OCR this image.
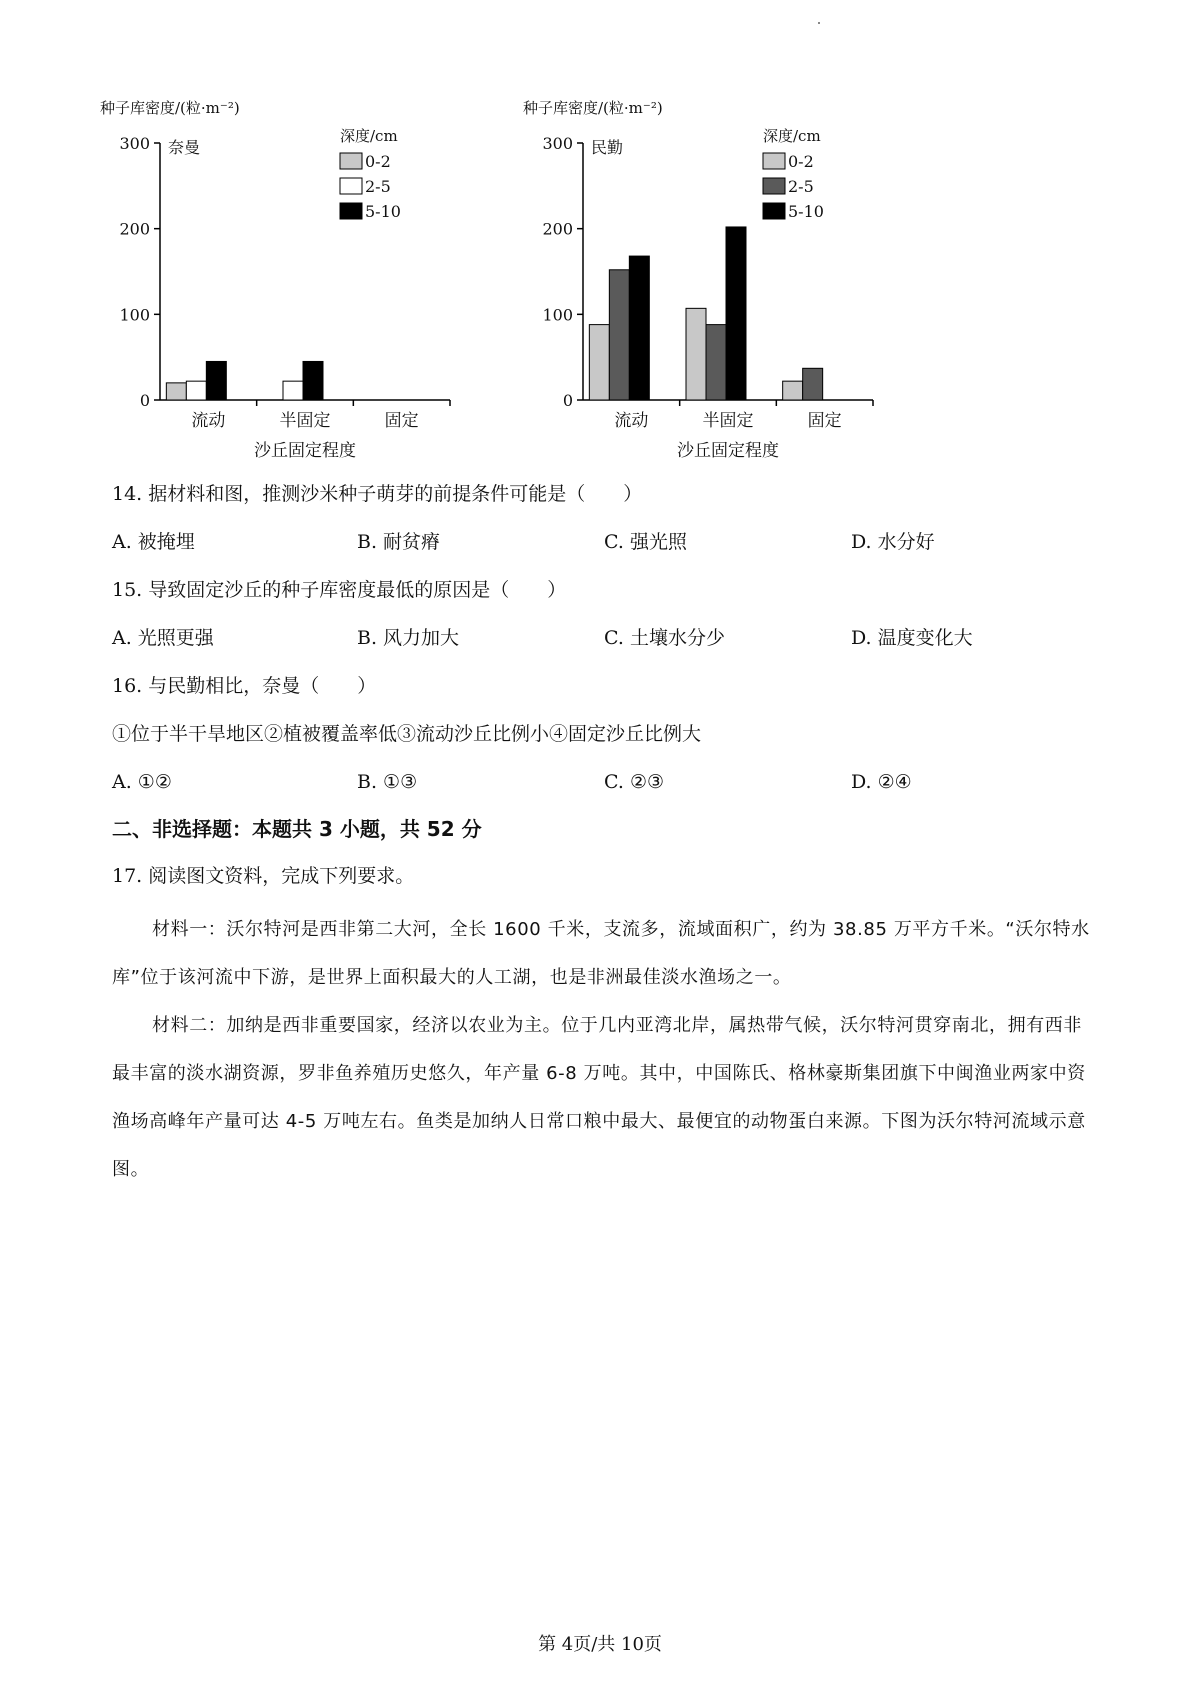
种子库密度/(粒·m⁻²)
奈曼
0
100
200
300
流动	半固定	固定
沙丘固定程度
深度/cm
0-2
2-5
5-10
种子库密度/(粒·m⁻²)
民勤
0
100
200
300
流动	半固定	固定
沙丘固定程度
深度/cm
0-2
2-5
5-10
14. 据材料和图，推测沙米种子萌芽的前提条件可能是（　　）
A. 被掩埋	B. 耐贫瘠	C. 强光照	D. 水分好
15. 导致固定沙丘的种子库密度最低的原因是（　　）
A. 光照更强	B. 风力加大	C. 土壤水分少	D. 温度变化大
16. 与民勤相比，奈曼（　　）
①位于半干旱地区②植被覆盖率低③流动沙丘比例小④固定沙丘比例大
A. ①②	B. ①③	C. ②③	D. ②④
二、非选择题：本题共 3 小题，共 52 分
17. 阅读图文资料，完成下列要求。
材料一：沃尔特河是西非第二大河，全长 1600 千米，支流多，流域面积广，约为 38.85 万平方千米。“沃尔特水库”位于该河流中下游，是世界上面积最大的人工湖，也是非洲最佳淡水渔场之一。
材料二：加纳是西非重要国家，经济以农业为主。位于几内亚湾北岸，属热带气候，沃尔特河贯穿南北，拥有西非最丰富的淡水湖资源，罗非鱼养殖历史悠久，年产量 6-8 万吨。其中，中国陈氏、格林豪斯集团旗下中闽渔业两家中资渔场高峰年产量可达 4-5 万吨左右。鱼类是加纳人日常口粮中最大、最便宜的动物蛋白来源。下图为沃尔特河流域示意图。
第 4页/共 10页
